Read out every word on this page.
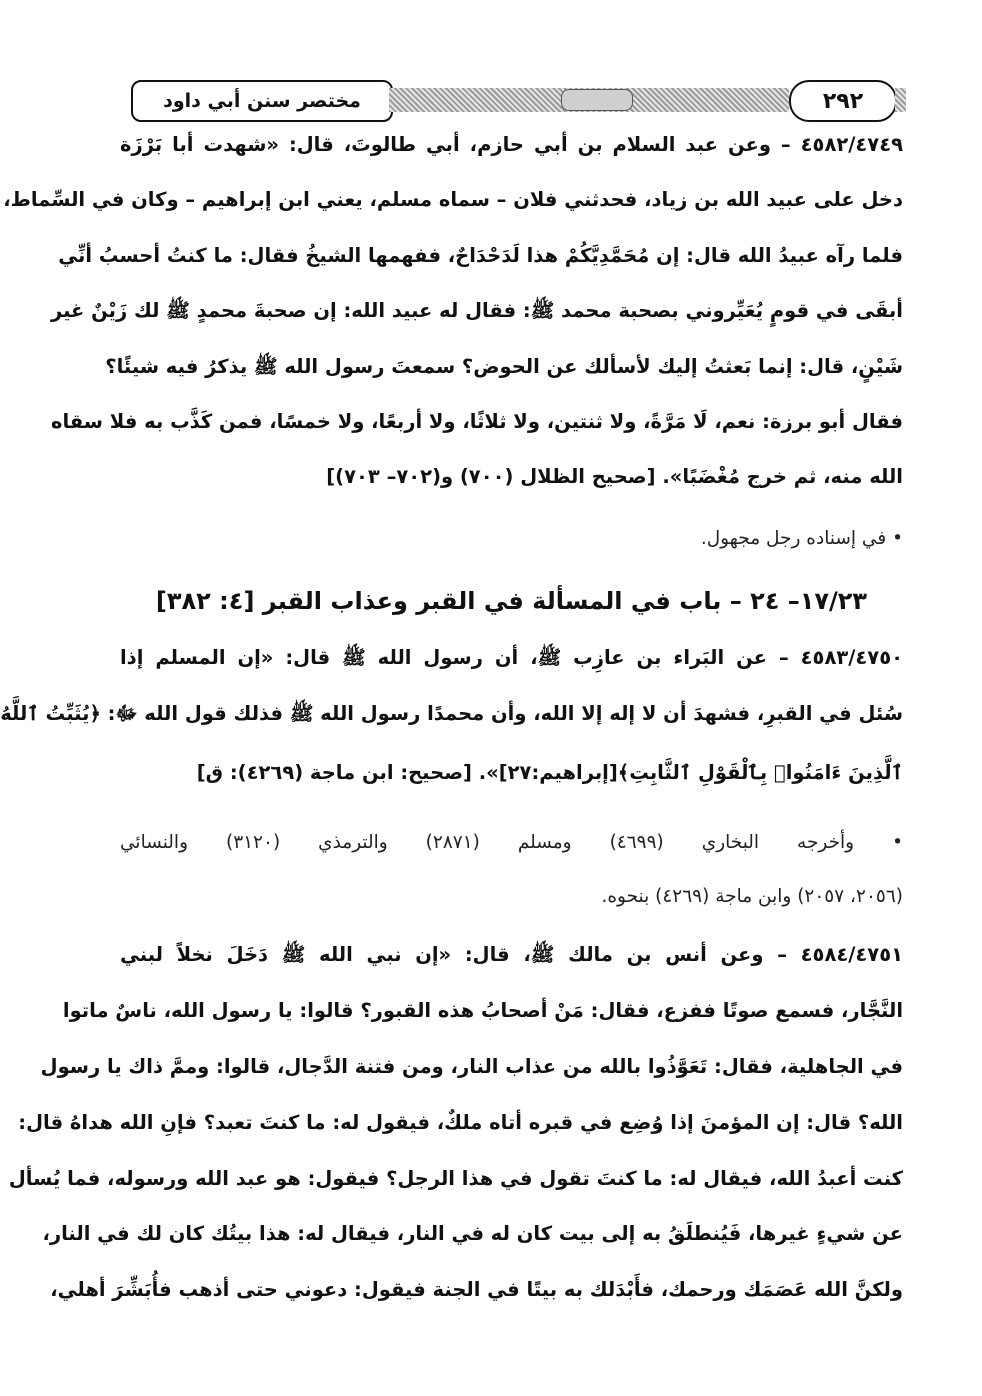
مختصر سنن أبي داود	٢٩٢

٤٥٨٢/٤٧٤٩ – وعن عبد السلام بن أبي حازم، أبي طالوتَ، قال: «شهدت أبا بَرْزَة

دخل على عبيد الله بن زياد، فحدثني فلان – سماه مسلم، يعني ابن إبراهيم – وكان في السِّماط،

فلما رآه عبيدُ الله قال: إن مُحَمَّدِيَّكُمْ هذا لَدَحْدَاحٌ، ففهمها الشيخُ فقال: ما كنتُ أحسبُ أنِّي

أبقَى في قومٍ يُعَيِّروني بصحبة محمد ﷺ: فقال له عبيد الله: إن صحبةَ محمدٍ ﷺ لك زَيْنٌ غير

شَيْنٍ، قال: إنما بَعثتُ إليك لأسألك عن الحوض؟ سمعتَ رسول الله ﷺ يذكرُ فيه شيئًا؟

فقال أبو برزة: نعم، لَا مَرَّةً، ولا ثنتين، ولا ثلاثًا، ولا أربعًا، ولا خمسًا، فمن كَذَّب به فلا سقاه

الله منه، ثم خرج مُغْضَبًا». [صحيح الظلال (٧٠٠) و(٧٠٢– ٧٠٣)]

• في إسناده رجل مجهول.

١٧/٢٣– ٢٤ – باب في المسألة في القبر وعذاب القبر [٤: ٣٨٢]

٤٥٨٣/٤٧٥٠ – عن البَراء بن عازِب ﷺ، أن رسول الله ﷺ قال: «إن المسلم إذا

سُئل في القبرِ، فشهدَ أن لا إله إلا الله، وأن محمدًا رسول الله ﷺ فذلك قول الله ﷻ: ﴿يُثَبِّتُ ٱللَّهُ

ٱلَّذِينَ ءَامَنُوا۟ بِٱلْقَوْلِ ٱلثَّابِتِ﴾[إبراهيم:٢٧]». [صحيح: ابن ماجة (٤٢٦٩): ق]

• وأخرجه البخاري (٤٦٩٩) ومسلم (٢٨٧١) والترمذي (٣١٢٠) والنسائي

(٢٠٥٦، ٢٠٥٧) وابن ماجة (٤٢٦٩) بنحوه.

٤٥٨٤/٤٧٥١ – وعن أنس بن مالك ﷺ، قال: «إن نبي الله ﷺ دَخَلَ نخلاً لبني

النَّجَّار، فسمع صوتًا ففزع، فقال: مَنْ أصحابُ هذه القبور؟ قالوا: يا رسول الله، ناسٌ ماتوا

في الجاهلية، فقال: تَعَوَّذُوا بالله من عذاب النار، ومن فتنة الدَّجال، قالوا: وممَّ ذاك يا رسول

الله؟ قال: إن المؤمنَ إذا وُضِع في قبره أتاه ملكٌ، فيقول له: ما كنتَ تعبد؟ فإنِ الله هداهُ قال:

كنت أعبدُ الله، فيقال له: ما كنتَ تقول في هذا الرجل؟ فيقول: هو عبد الله ورسوله، فما يُسأل

عن شيءٍ غيرها، فَيُنطلَقُ به إلى بيت كان له في النار، فيقال له: هذا بيتُك كان لك في النار،

ولكنَّ الله عَصَمَك ورحمك، فأَبْدَلك به بيتًا في الجنة فيقول: دعوني حتى أذهب فأُبَشِّرَ أهلي،
